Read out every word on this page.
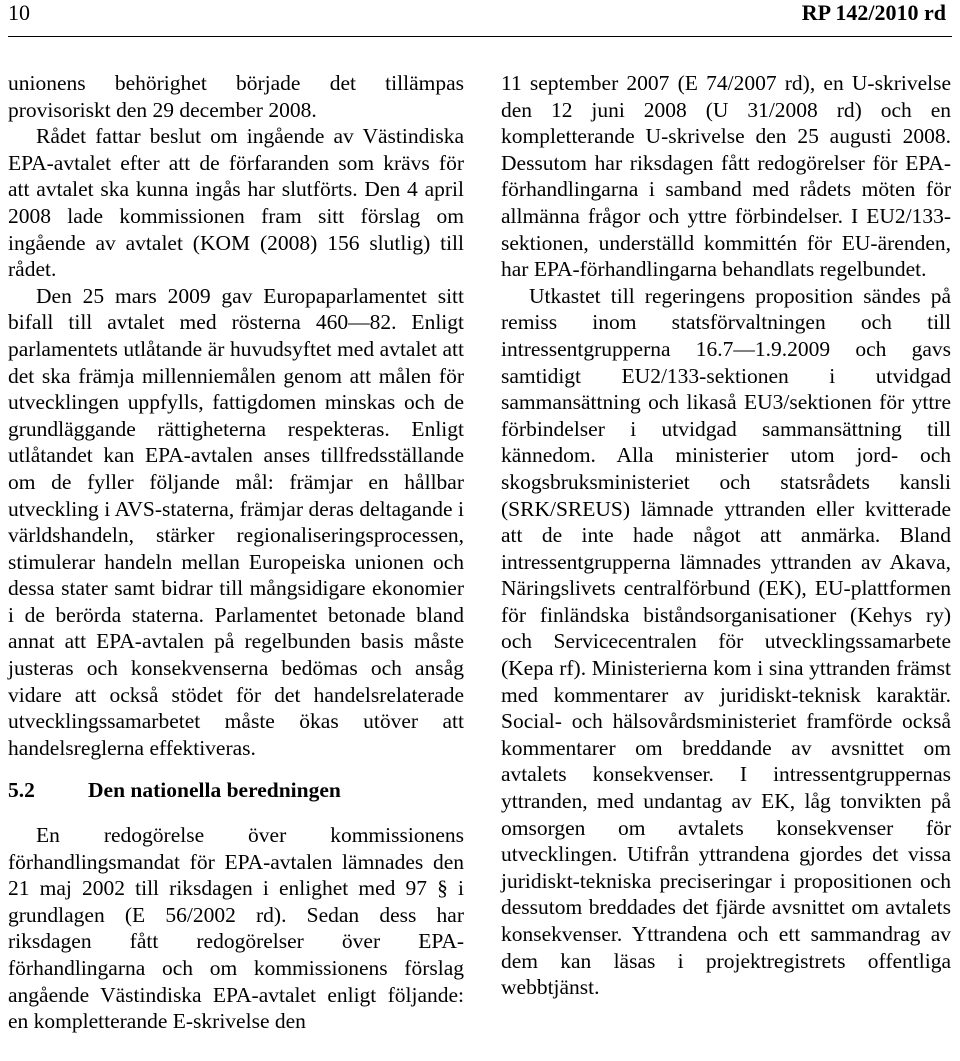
10	RP 142/2010 rd

unionens behörighet började det tillämpas provisoriskt den 29 december 2008.

Rådet fattar beslut om ingående av Västindiska EPA-avtalet efter att de förfaranden som krävs för att avtalet ska kunna ingås har slutförts. Den 4 april 2008 lade kommissionen fram sitt förslag om ingående av avtalet (KOM (2008) 156 slutlig) till rådet.

Den 25 mars 2009 gav Europaparlamentet sitt bifall till avtalet med rösterna 460—82. Enligt parlamentets utlåtande är huvudsyftet med avtalet att det ska främja millenniemålen genom att målen för utvecklingen uppfylls, fattigdomen minskas och de grundläggande rättigheterna respekteras. Enligt utlåtandet kan EPA-avtalen anses tillfredsställande om de fyller följande mål: främjar en hållbar utveckling i AVS-staterna, främjar deras deltagande i världshandeln, stärker regionaliseringsprocessen, stimulerar handeln mellan Europeiska unionen och dessa stater samt bidrar till mångsidigare ekonomier i de berörda staterna. Parlamentet betonade bland annat att EPA-avtalen på regelbunden basis måste justeras och konsekvenserna bedömas och ansåg vidare att också stödet för det handelsrelaterade utvecklingssamarbetet måste ökas utöver att handelsreglerna effektiveras.

5.2 Den nationella beredningen

En redogörelse över kommissionens förhandlingsmandat för EPA-avtalen lämnades den 21 maj 2002 till riksdagen i enlighet med 97 § i grundlagen (E 56/2002 rd). Sedan dess har riksdagen fått redogörelser över EPA-förhandlingarna och om kommissionens förslag angående Västindiska EPA-avtalet enligt följande: en kompletterande E-skrivelse den

11 september 2007 (E 74/2007 rd), en U-skrivelse den 12 juni 2008 (U 31/2008 rd) och en kompletterande U-skrivelse den 25 augusti 2008. Dessutom har riksdagen fått redogörelser för EPA-förhandlingarna i samband med rådets möten för allmänna frågor och yttre förbindelser. I EU2/133-sektionen, underställd kommittén för EU-ärenden, har EPA-förhandlingarna behandlats regelbundet.

Utkastet till regeringens proposition sändes på remiss inom statsförvaltningen och till intressentgrupperna 16.7—1.9.2009 och gavs samtidigt EU2/133-sektionen i utvidgad sammansättning och likaså EU3/sektionen för yttre förbindelser i utvidgad sammansättning till kännedom. Alla ministerier utom jord- och skogsbruksministeriet och statsrådets kansli (SRK/SREUS) lämnade yttranden eller kvitterade att de inte hade något att anmärka. Bland intressentgrupperna lämnades yttranden av Akava, Näringslivets centralförbund (EK), EU-plattformen för finländska biståndsorganisationer (Kehys ry) och Servicecentralen för utvecklingssamarbete (Kepa rf). Ministerierna kom i sina yttranden främst med kommentarer av juridiskt-teknisk karaktär. Social- och hälsovårdsministeriet framförde också kommentarer om breddande av avsnittet om avtalets konsekvenser. I intressentgruppernas yttranden, med undantag av EK, låg tonvikten på omsorgen om avtalets konsekvenser för utvecklingen. Utifrån yttrandena gjordes det vissa juridiskt-tekniska preciseringar i propositionen och dessutom breddades det fjärde avsnittet om avtalets konsekvenser. Yttrandena och ett sammandrag av dem kan läsas i projektregistrets offentliga webbtjänst.
